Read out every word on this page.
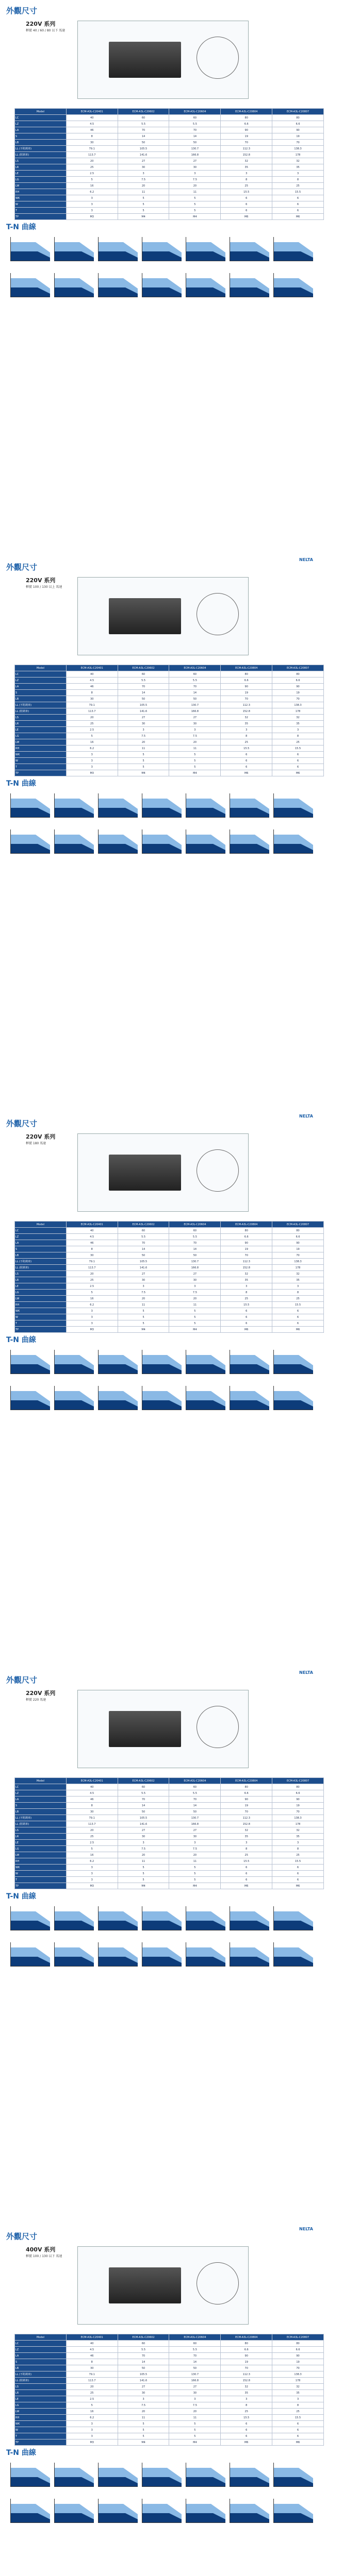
外觀尺寸
220V 系列
框號 40 / 60 / 80 以下 馬達
Model	ECM-A3L-C20401	ECM-A3L-C20602	ECM-A3L-C20604	ECM-A3L-C20804	ECM-A3L-C20807
LC	40	60	60	80	80
LZ	4.5	5.5	5.5	6.6	6.6
LA	46	70	70	90	90
S	8	14	14	19	19
LB	30	50	50	70	70
LL (不附剎車)	79.1	105.5	130.7	112.3	138.3
LL (附剎車)	113.7	141.6	166.8	152.8	178
LS	20	27	27	32	32
LR	25	30	30	35	35
LE	2.5	3	3	3	3
LG	5	7.5	7.5	8	8
LW	16	20	20	25	25
RH	6.2	11	11	15.5	15.5
WK	3	5	5	6	6
W	3	5	5	6	6
T	3	5	5	6	6
TP	M3	M4	M4	M6	M6
T-N 曲線
外觀尺寸
220V 系列
框號 100 / 130 以上 馬達
Model	ECM-A3L-C20401	ECM-A3L-C20602	ECM-A3L-C20604	ECM-A3L-C20804	ECM-A3L-C20807
LC	40	60	60	80	80
LZ	4.5	5.5	5.5	6.6	6.6
LA	46	70	70	90	90
S	8	14	14	19	19
LB	30	50	50	70	70
LL (不附剎車)	79.1	105.5	130.7	112.3	138.3
LL (附剎車)	113.7	141.6	166.8	152.8	178
LS	20	27	27	32	32
LR	25	30	30	35	35
LE	2.5	3	3	3	3
LG	5	7.5	7.5	8	8
LW	16	20	20	25	25
RH	6.2	11	11	15.5	15.5
WK	3	5	5	6	6
W	3	5	5	6	6
T	3	5	5	6	6
TP	M3	M4	M4	M6	M6
NELTA
T-N 曲線
外觀尺寸
220V 系列
框號 180 馬達
Model	ECM-A3L-C20401	ECM-A3L-C20602	ECM-A3L-C20604	ECM-A3L-C20804	ECM-A3L-C20807
LC	40	60	60	80	80
LZ	4.5	5.5	5.5	6.6	6.6
LA	46	70	70	90	90
S	8	14	14	19	19
LB	30	50	50	70	70
LL (不附剎車)	79.1	105.5	130.7	112.3	138.3
LL (附剎車)	113.7	141.6	166.8	152.8	178
LS	20	27	27	32	32
LR	25	30	30	35	35
LE	2.5	3	3	3	3
LG	5	7.5	7.5	8	8
LW	16	20	20	25	25
RH	6.2	11	11	15.5	15.5
WK	3	5	5	6	6
W	3	5	5	6	6
T	3	5	5	6	6
TP	M3	M4	M4	M6	M6
NELTA
T-N 曲線
外觀尺寸
220V 系列
框號 220 馬達
Model	ECM-A3L-C20401	ECM-A3L-C20602	ECM-A3L-C20604	ECM-A3L-C20804	ECM-A3L-C20807
LC	40	60	60	80	80
LZ	4.5	5.5	5.5	6.6	6.6
LA	46	70	70	90	90
S	8	14	14	19	19
LB	30	50	50	70	70
LL (不附剎車)	79.1	105.5	130.7	112.3	138.3
LL (附剎車)	113.7	141.6	166.8	152.8	178
LS	20	27	27	32	32
LR	25	30	30	35	35
LE	2.5	3	3	3	3
LG	5	7.5	7.5	8	8
LW	16	20	20	25	25
RH	6.2	11	11	15.5	15.5
WK	3	5	5	6	6
W	3	5	5	6	6
T	3	5	5	6	6
TP	M3	M4	M4	M6	M6
NELTA
T-N 曲線
外觀尺寸
400V 系列
框號 100 / 130 以下 馬達
Model	ECM-A3L-C20401	ECM-A3L-C20602	ECM-A3L-C20604	ECM-A3L-C20804	ECM-A3L-C20807
LC	40	60	60	80	80
LZ	4.5	5.5	5.5	6.6	6.6
LA	46	70	70	90	90
S	8	14	14	19	19
LB	30	50	50	70	70
LL (不附剎車)	79.1	105.5	130.7	112.3	138.3
LL (附剎車)	113.7	141.6	166.8	152.8	178
LS	20	27	27	32	32
LR	25	30	30	35	35
LE	2.5	3	3	3	3
LG	5	7.5	7.5	8	8
LW	16	20	20	25	25
RH	6.2	11	11	15.5	15.5
WK	3	5	5	6	6
W	3	5	5	6	6
T	3	5	5	6	6
TP	M3	M4	M4	M6	M6
NELTA
T-N 曲線
